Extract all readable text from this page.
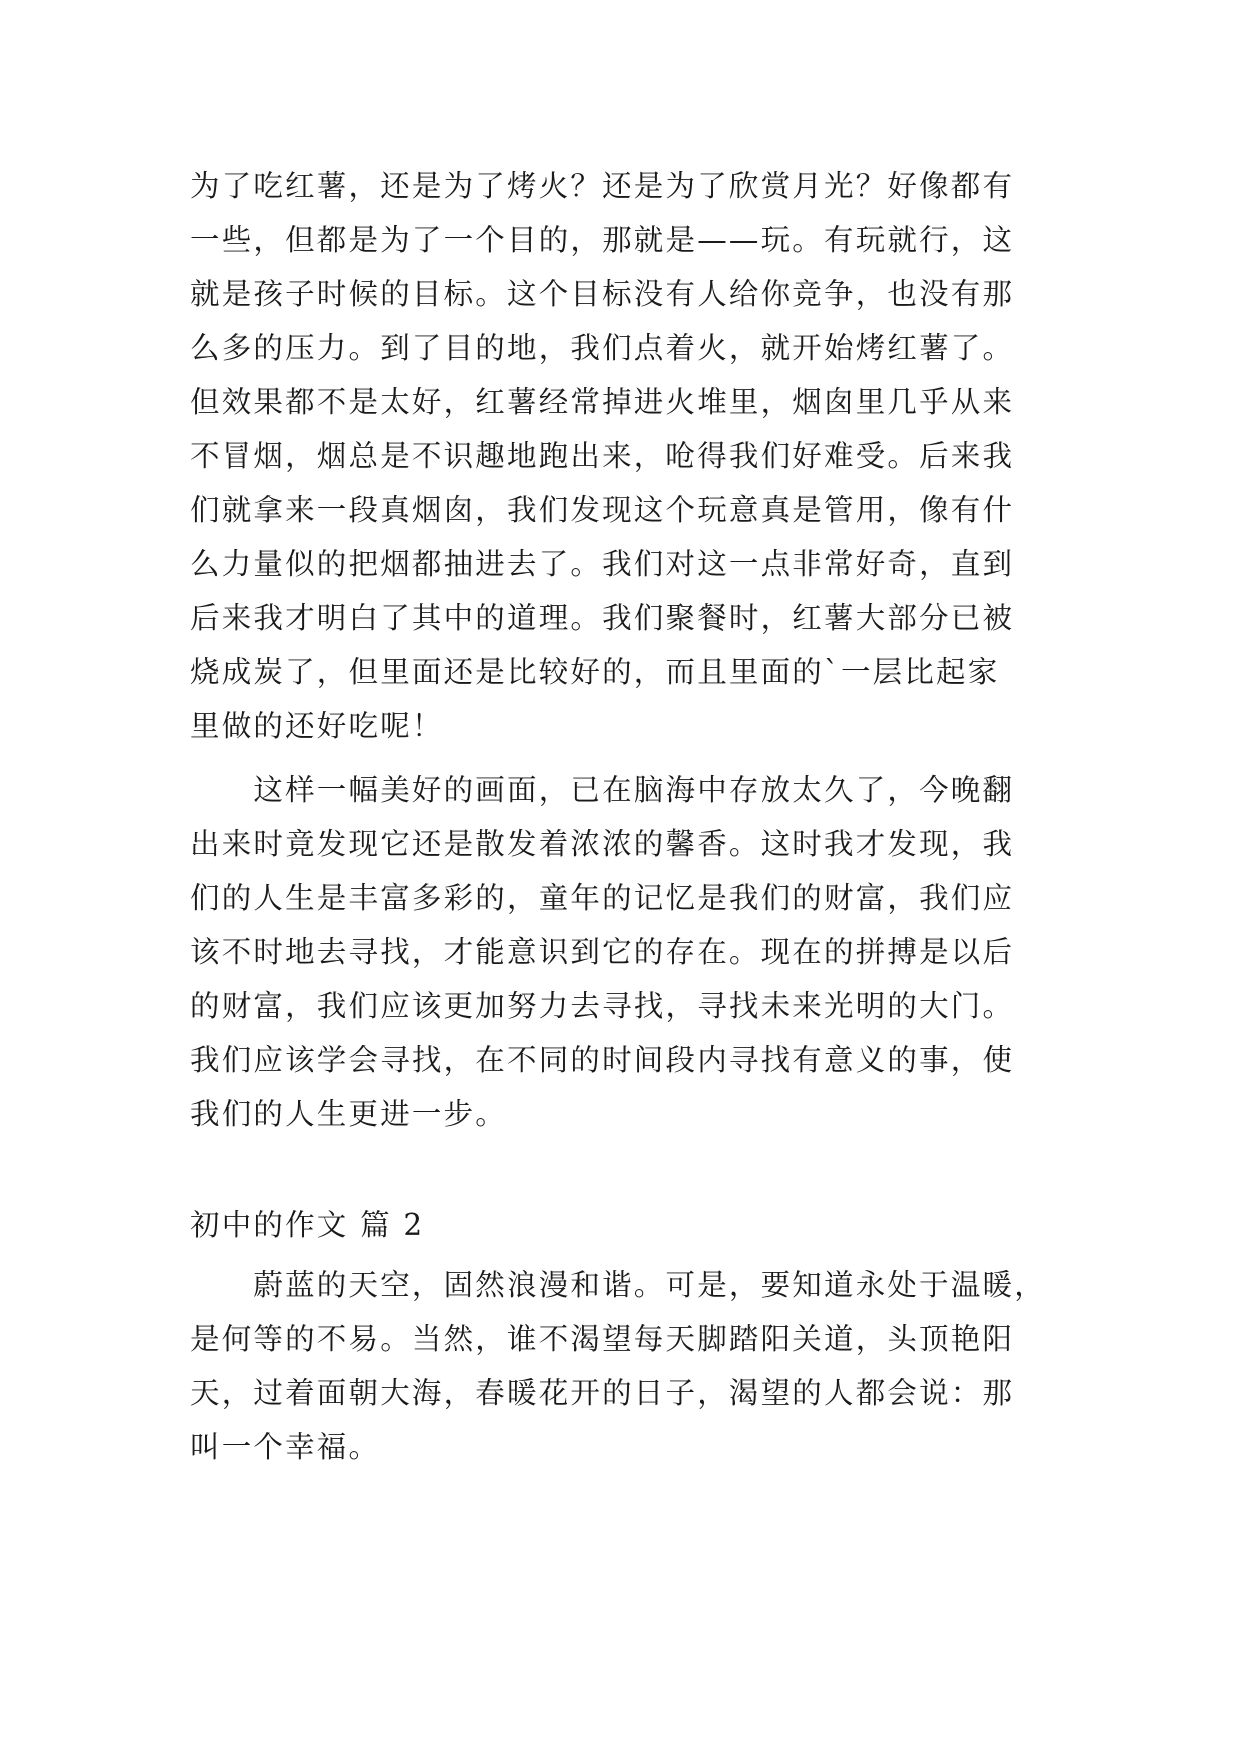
为了吃红薯，还是为了烤火？还是为了欣赏月光？好像都有
一些，但都是为了一个目的，那就是——玩。有玩就行，这
就是孩子时候的目标。这个目标没有人给你竞争，也没有那
么多的压力。到了目的地，我们点着火，就开始烤红薯了。
但效果都不是太好，红薯经常掉进火堆里，烟囱里几乎从来
不冒烟，烟总是不识趣地跑出来，呛得我们好难受。后来我
们就拿来一段真烟囱，我们发现这个玩意真是管用，像有什
么力量似的把烟都抽进去了。我们对这一点非常好奇，直到
后来我才明白了其中的道理。我们聚餐时，红薯大部分已被
烧成炭了，但里面还是比较好的，而且里面的`一层比起家
里做的还好吃呢！
　　这样一幅美好的画面，已在脑海中存放太久了，今晚翻
出来时竟发现它还是散发着浓浓的馨香。这时我才发现，我
们的人生是丰富多彩的，童年的记忆是我们的财富，我们应
该不时地去寻找，才能意识到它的存在。现在的拼搏是以后
的财富，我们应该更加努力去寻找，寻找未来光明的大门。
我们应该学会寻找，在不同的时间段内寻找有意义的事，使
我们的人生更进一步。
初中的作文 篇 2
　　蔚蓝的天空，固然浪漫和谐。可是，要知道永处于温暖，
是何等的不易。当然，谁不渴望每天脚踏阳关道，头顶艳阳
天，过着面朝大海，春暖花开的日子，渴望的人都会说：那
叫一个幸福。
